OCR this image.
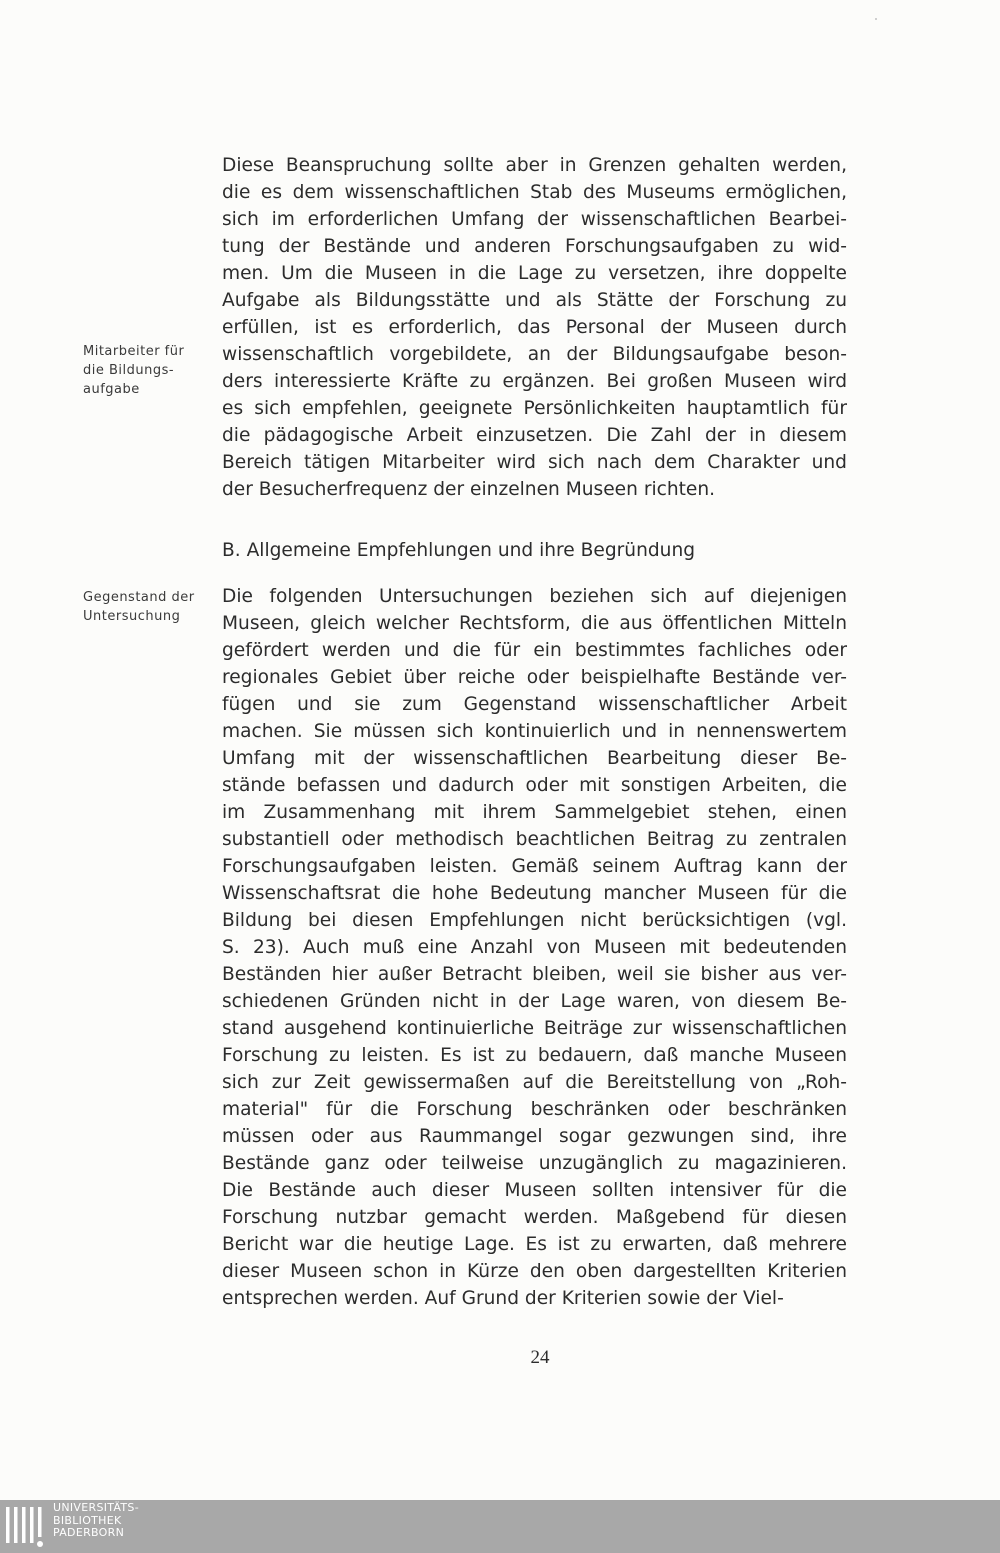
Mitarbeiter für
die Bildungs-
aufgabe
Gegenstand der
Untersuchung
Diese Beanspruchung sollte aber in Grenzen gehalten werden,
die es dem wissenschaftlichen Stab des Museums ermöglichen,
sich im erforderlichen Umfang der wissenschaftlichen Bearbei-
tung der Bestände und anderen Forschungsaufgaben zu wid-
men. Um die Museen in die Lage zu versetzen, ihre doppelte
Aufgabe als Bildungsstätte und als Stätte der Forschung zu
erfüllen, ist es erforderlich, das Personal der Museen durch
wissenschaftlich vorgebildete, an der Bildungsaufgabe beson-
ders interessierte Kräfte zu ergänzen. Bei großen Museen wird
es sich empfehlen, geeignete Persönlichkeiten hauptamtlich für
die pädagogische Arbeit einzusetzen. Die Zahl der in diesem
Bereich tätigen Mitarbeiter wird sich nach dem Charakter und
der Besucherfrequenz der einzelnen Museen richten.
B. Allgemeine Empfehlungen und ihre Begründung
Die folgenden Untersuchungen beziehen sich auf diejenigen
Museen, gleich welcher Rechtsform, die aus öffentlichen Mitteln
gefördert werden und die für ein bestimmtes fachliches oder
regionales Gebiet über reiche oder beispielhafte Bestände ver-
fügen und sie zum Gegenstand wissenschaftlicher Arbeit
machen. Sie müssen sich kontinuierlich und in nennenswertem
Umfang mit der wissenschaftlichen Bearbeitung dieser Be-
stände befassen und dadurch oder mit sonstigen Arbeiten, die
im Zusammenhang mit ihrem Sammelgebiet stehen, einen
substantiell oder methodisch beachtlichen Beitrag zu zentralen
Forschungsaufgaben leisten. Gemäß seinem Auftrag kann der
Wissenschaftsrat die hohe Bedeutung mancher Museen für die
Bildung bei diesen Empfehlungen nicht berücksichtigen (vgl.
S. 23). Auch muß eine Anzahl von Museen mit bedeutenden
Beständen hier außer Betracht bleiben, weil sie bisher aus ver-
schiedenen Gründen nicht in der Lage waren, von diesem Be-
stand ausgehend kontinuierliche Beiträge zur wissenschaftlichen
Forschung zu leisten. Es ist zu bedauern, daß manche Museen
sich zur Zeit gewissermaßen auf die Bereitstellung von „Roh-
material" für die Forschung beschränken oder beschränken
müssen oder aus Raummangel sogar gezwungen sind, ihre
Bestände ganz oder teilweise unzugänglich zu magazinieren.
Die Bestände auch dieser Museen sollten intensiver für die
Forschung nutzbar gemacht werden. Maßgebend für diesen
Bericht war die heutige Lage. Es ist zu erwarten, daß mehrere
dieser Museen schon in Kürze den oben dargestellten Kriterien
entsprechen werden. Auf Grund der Kriterien sowie der Viel-
24
UNIVERSITÄTS-
BIBLIOTHEK
PADERBORN
